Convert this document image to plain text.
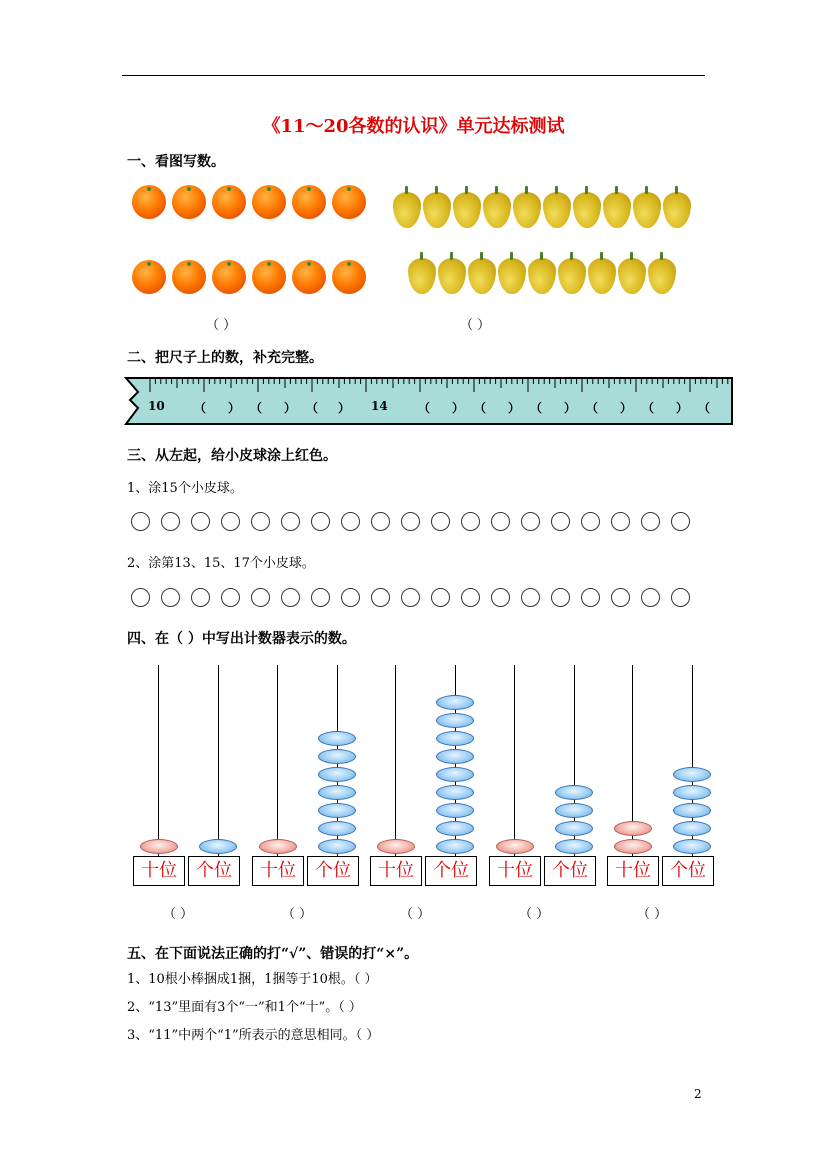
《11～20各数的认识》单元达标测试
一、看图写数。
（ ）	（ ）
二、把尺子上的数，补充完整。
10 （ ） （ ） （ ） 14	（ ） （ ） （ ） （ ） （ ） （
三、从左起，给小皮球涂上红色。
1、涂15个小皮球。
2、涂第13、15、17个小皮球。
四、在（ ）中写出计数器表示的数。
十位	个位
（ ）
十位	个位
（ ）
十位	个位
（ ）
十位	个位
（ ）
十位	个位
（ ）
五、在下面说法正确的打“√”、错误的打“×”。
1、10根小棒捆成1捆，1捆等于10根。（ ）
2、“13”里面有3个“一”和1个“十”。（ ）
3、“11”中两个“1”所表示的意思相同。（ ）
2
